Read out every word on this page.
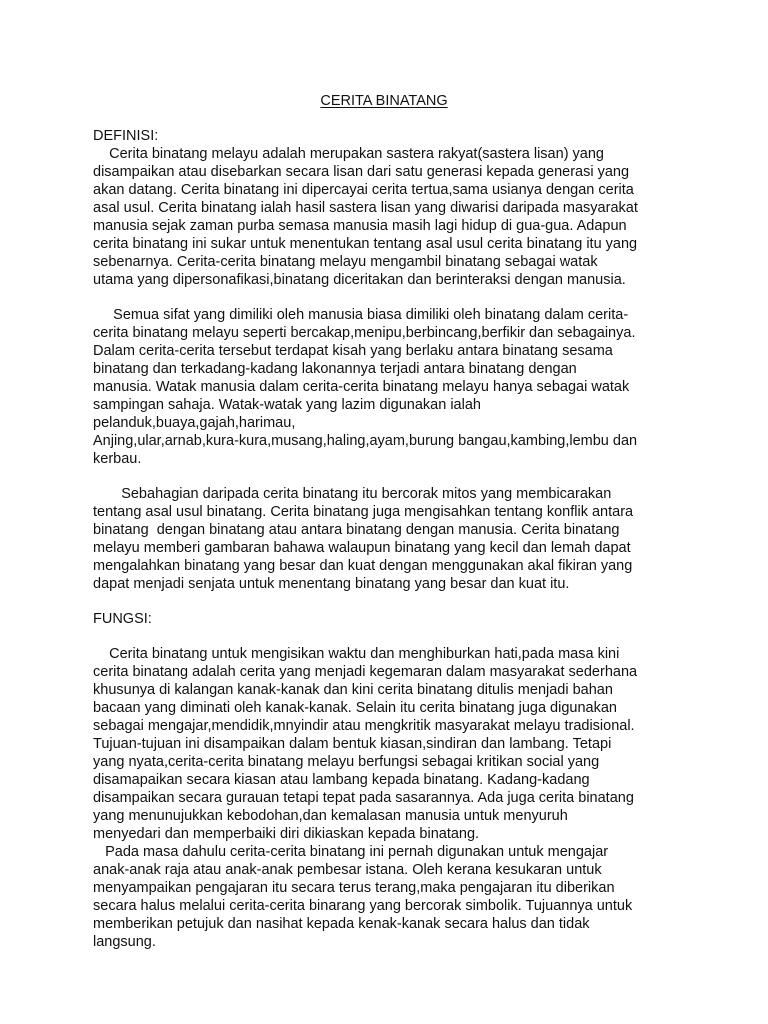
CERITA BINATANG
DEFINISI:
Cerita binatang melayu adalah merupakan sastera rakyat(sastera lisan) yang
disampaikan atau disebarkan secara lisan dari satu generasi kepada generasi yang
akan datang. Cerita binatang ini dipercayai cerita tertua,sama usianya dengan cerita
asal usul. Cerita binatang ialah hasil sastera lisan yang diwarisi daripada masyarakat
manusia sejak zaman purba semasa manusia masih lagi hidup di gua-gua. Adapun
cerita binatang ini sukar untuk menentukan tentang asal usul cerita binatang itu yang
sebenarnya. Cerita-cerita binatang melayu mengambil binatang sebagai watak
utama yang dipersonafikasi,binatang diceritakan dan berinteraksi dengan manusia.
Semua sifat yang dimiliki oleh manusia biasa dimiliki oleh binatang dalam cerita-
cerita binatang melayu seperti bercakap,menipu,berbincang,berfikir dan sebagainya.
Dalam cerita-cerita tersebut terdapat kisah yang berlaku antara binatang sesama
binatang dan terkadang-kadang lakonannya terjadi antara binatang dengan
manusia. Watak manusia dalam cerita-cerita binatang melayu hanya sebagai watak
sampingan sahaja. Watak-watak yang lazim digunakan ialah
pelanduk,buaya,gajah,harimau,
Anjing,ular,arnab,kura-kura,musang,haling,ayam,burung bangau,kambing,lembu dan
kerbau.
Sebahagian daripada cerita binatang itu bercorak mitos yang membicarakan
tentang asal usul binatang. Cerita binatang juga mengisahkan tentang konflik antara
binatang  dengan binatang atau antara binatang dengan manusia. Cerita binatang
melayu memberi gambaran bahawa walaupun binatang yang kecil dan lemah dapat
mengalahkan binatang yang besar dan kuat dengan menggunakan akal fikiran yang
dapat menjadi senjata untuk menentang binatang yang besar dan kuat itu.
FUNGSI:
Cerita binatang untuk mengisikan waktu dan menghiburkan hati,pada masa kini
cerita binatang adalah cerita yang menjadi kegemaran dalam masyarakat sederhana
khusunya di kalangan kanak-kanak dan kini cerita binatang ditulis menjadi bahan
bacaan yang diminati oleh kanak-kanak. Selain itu cerita binatang juga digunakan
sebagai mengajar,mendidik,mnyindir atau mengkritik masyarakat melayu tradisional.
Tujuan-tujuan ini disampaikan dalam bentuk kiasan,sindiran dan lambang. Tetapi
yang nyata,cerita-cerita binatang melayu berfungsi sebagai kritikan social yang
disamapaikan secara kiasan atau lambang kepada binatang. Kadang-kadang
disampaikan secara gurauan tetapi tepat pada sasarannya. Ada juga cerita binatang
yang menunujukkan kebodohan,dan kemalasan manusia untuk menyuruh
menyedari dan memperbaiki diri dikiaskan kepada binatang.
Pada masa dahulu cerita-cerita binatang ini pernah digunakan untuk mengajar
anak-anak raja atau anak-anak pembesar istana. Oleh kerana kesukaran untuk
menyampaikan pengajaran itu secara terus terang,maka pengajaran itu diberikan
secara halus melalui cerita-cerita binarang yang bercorak simbolik. Tujuannya untuk
memberikan petujuk dan nasihat kepada kenak-kanak secara halus dan tidak
langsung.
